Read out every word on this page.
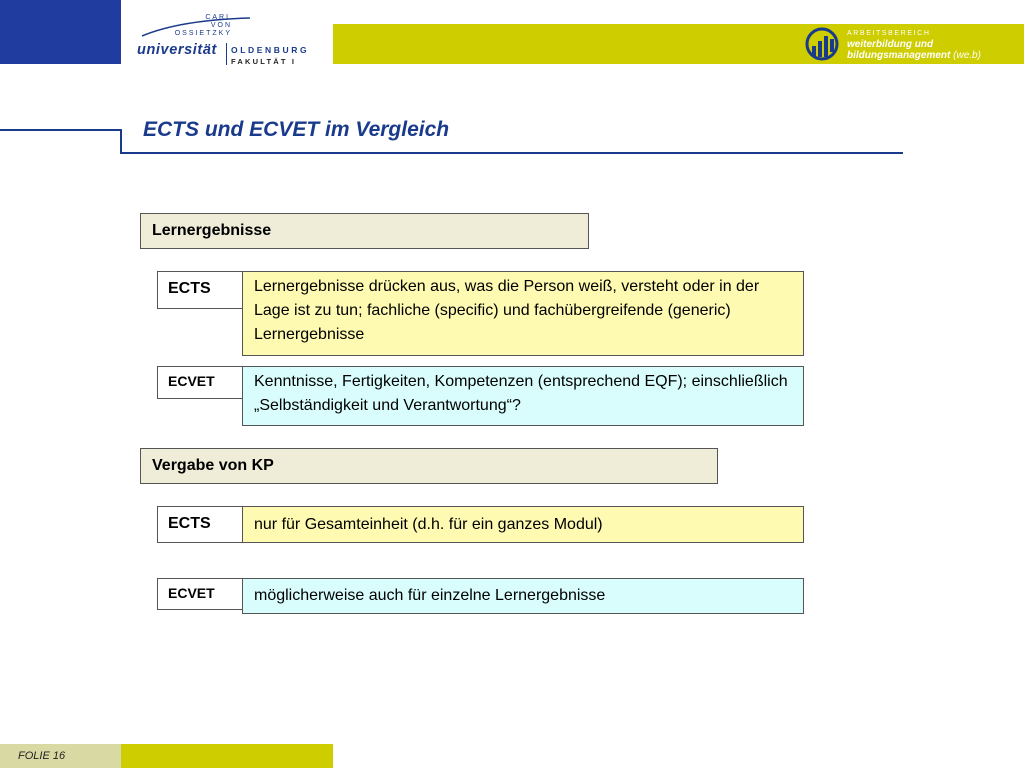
CARL
VON
OSSIETZKY
universität OLDENBURG
FAKULTÄT I
ARBEITSBEREICH
weiterbildung und
bildungsmanagement (we.b)
ECTS und ECVET im Vergleich
Lernergebnisse
ECTS	Lernergebnisse drücken aus, was die Person weiß, versteht oder in der Lage ist zu tun; fachliche (specific) und fachübergreifende (generic) Lernergebnisse
ECVET	Kenntnisse, Fertigkeiten, Kompetenzen (entsprechend EQF); einschließlich „Selbständigkeit und Verantwortung“?
Vergabe von KP
ECTS	nur für Gesamteinheit (d.h. für ein ganzes Modul)
ECVET	möglicherweise auch für einzelne Lernergebnisse
FOLIE 16
